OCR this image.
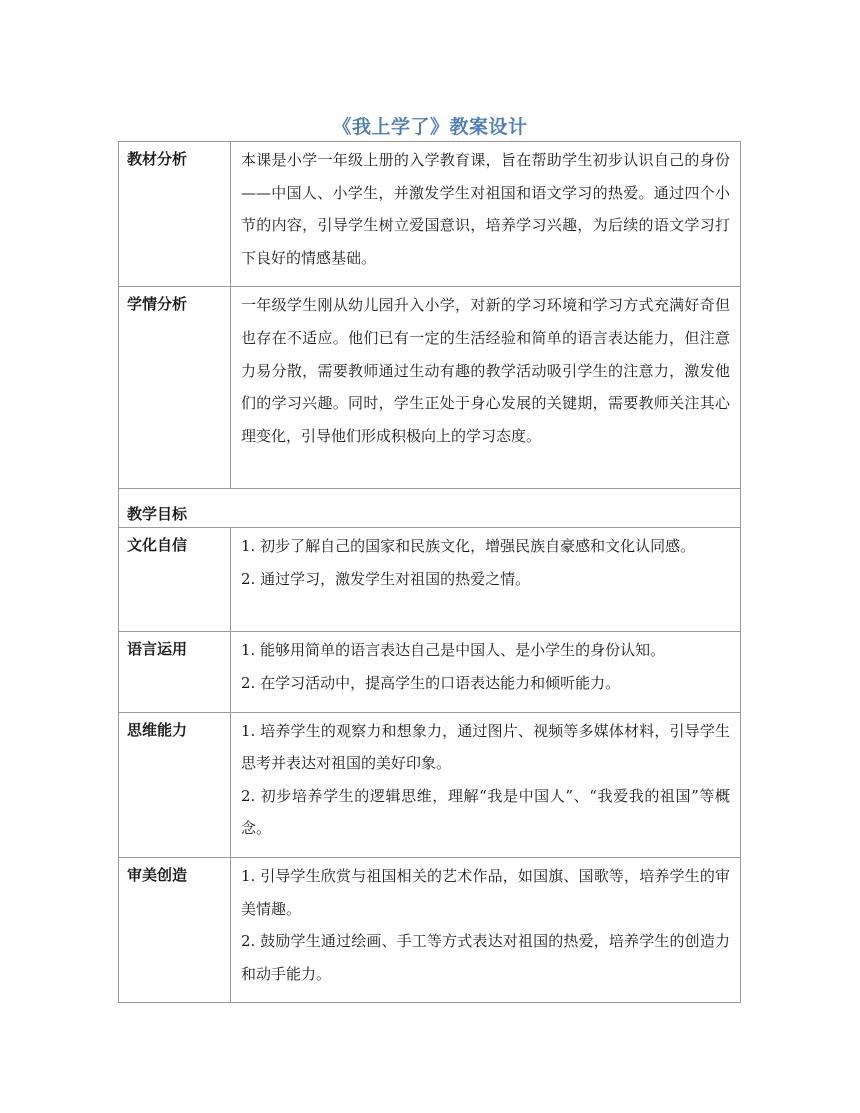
《我上学了》教案设计
教材分析	本课是小学一年级上册的入学教育课，旨在帮助学生初步认识自己的身份——中国人、小学生，并激发学生对祖国和语文学习的热爱。通过四个小节的内容，引导学生树立爱国意识，培养学习兴趣，为后续的语文学习打下良好的情感基础。

学情分析	一年级学生刚从幼儿园升入小学，对新的学习环境和学习方式充满好奇但也存在不适应。他们已有一定的生活经验和简单的语言表达能力，但注意力易分散，需要教师通过生动有趣的教学活动吸引学生的注意力，激发他们的学习兴趣。同时，学生正处于身心发展的关键期，需要教师关注其心理变化，引导他们形成积极向上的学习态度。

教学目标	
文化自信	1. 初步了解自己的国家和民族文化，增强民族自豪感和文化认同感。

2. 通过学习，激发学生对祖国的热爱之情。

语言运用	1. 能够用简单的语言表达自己是中国人、是小学生的身份认知。

2. 在学习活动中，提高学生的口语表达能力和倾听能力。

思维能力	1. 培养学生的观察力和想象力，通过图片、视频等多媒体材料，引导学生思考并表达对祖国的美好印象。

2. 初步培养学生的逻辑思维，理解“我是中国人”、“我爱我的祖国”等概念。

审美创造	1. 引导学生欣赏与祖国相关的艺术作品，如国旗、国歌等，培养学生的审美情趣。

2. 鼓励学生通过绘画、手工等方式表达对祖国的热爱，培养学生的创造力和动手能力。
